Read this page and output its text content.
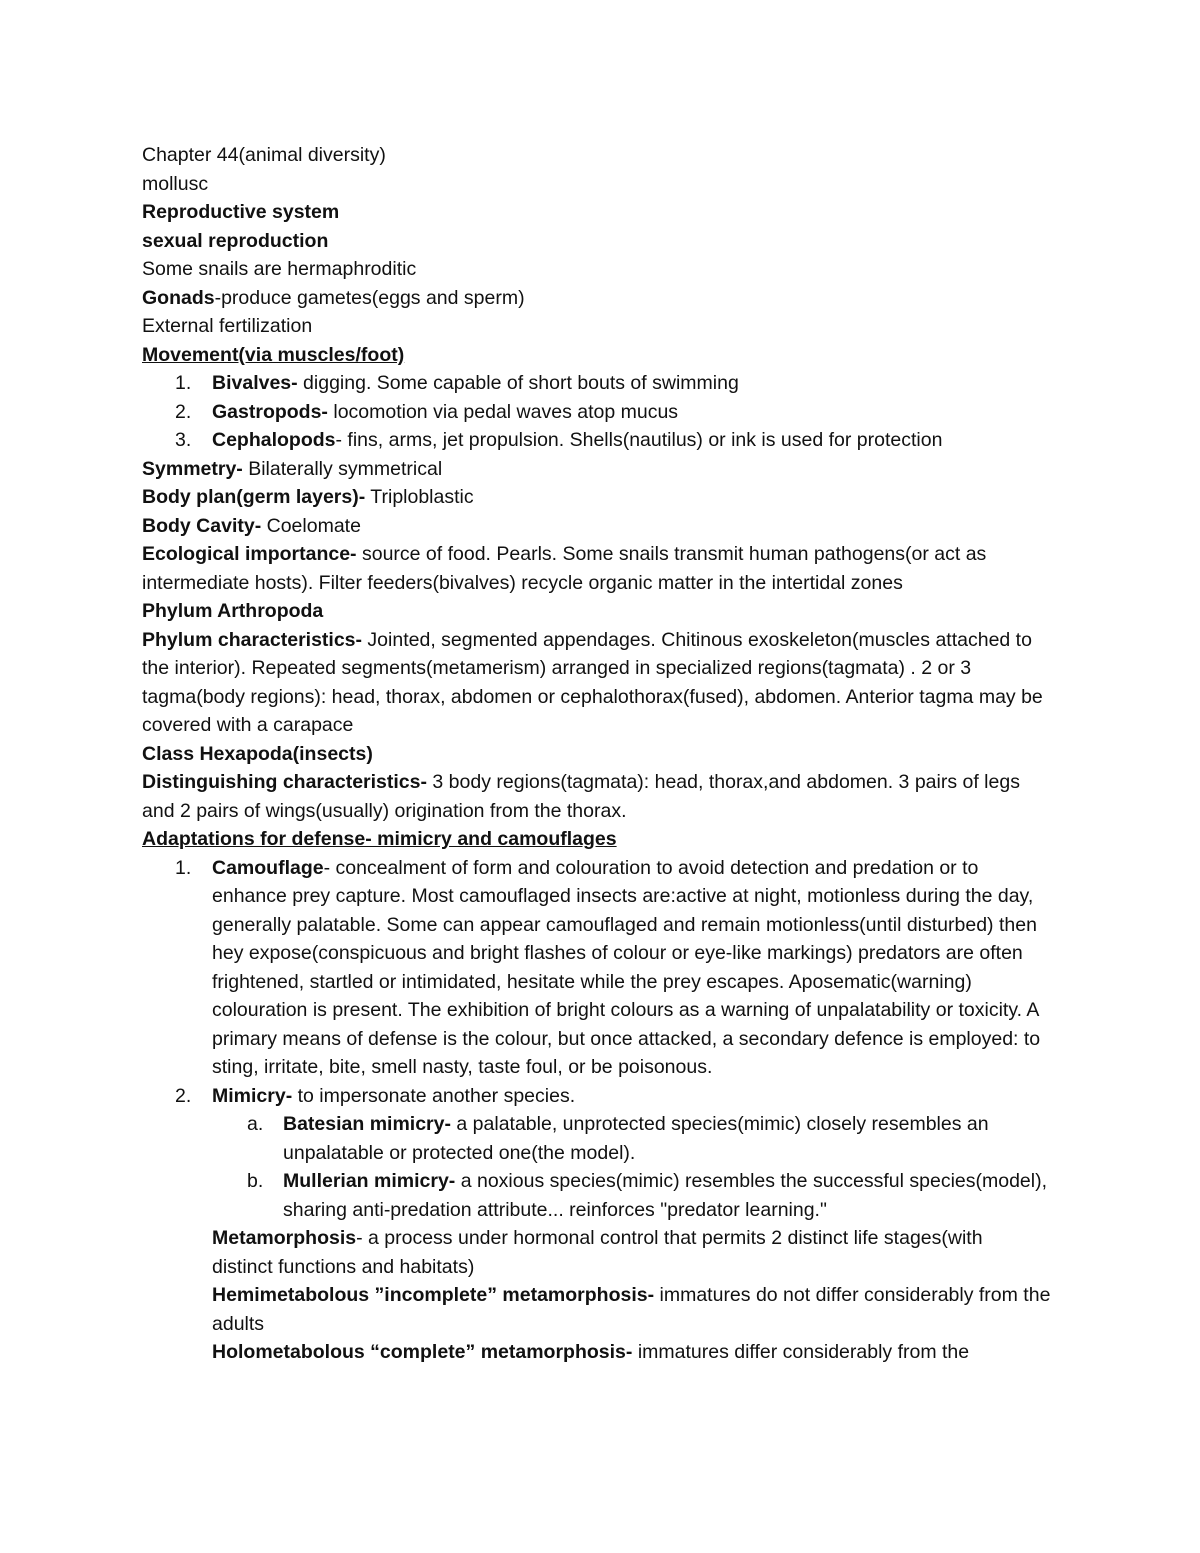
Chapter 44(animal diversity)
mollusc
Reproductive system
sexual reproduction
Some snails are hermaphroditic
Gonads-produce gametes(eggs and sperm)
External fertilization
Movement(via muscles/foot)
1.	Bivalves- digging. Some capable of short bouts of swimming
2.	Gastropods- locomotion via pedal waves atop mucus
3.	Cephalopods- fins, arms, jet propulsion. Shells(nautilus) or ink is used for protection
Symmetry- Bilaterally symmetrical
Body plan(germ layers)- Triploblastic
Body Cavity- Coelomate
Ecological importance- source of food. Pearls. Some snails transmit human pathogens(or act as intermediate hosts). Filter feeders(bivalves) recycle organic matter in the intertidal zones
Phylum Arthropoda
Phylum characteristics- Jointed, segmented appendages. Chitinous exoskeleton(muscles attached to the interior). Repeated segments(metamerism) arranged in specialized regions(tagmata) . 2 or 3 tagma(body regions): head, thorax, abdomen or cephalothorax(fused), abdomen. Anterior tagma may be covered with a carapace
Class Hexapoda(insects)
Distinguishing characteristics- 3 body regions(tagmata): head, thorax,and abdomen. 3 pairs of legs and 2 pairs of wings(usually) origination from the thorax.
Adaptations for defense- mimicry and camouflages
1.	Camouflage- concealment of form and colouration to avoid detection and predation or to enhance prey capture. Most camouflaged insects are:active at night, motionless during the day, generally palatable. Some can appear camouflaged and remain motionless(until disturbed) then hey expose(conspicuous and bright flashes of colour or eye-like markings) predators are often frightened, startled or intimidated, hesitate while the prey escapes. Aposematic(warning) colouration is present. The exhibition of bright colours as a warning of unpalatability or toxicity. A primary means of defense is the colour, but once attacked, a secondary defence is employed: to sting, irritate, bite, smell nasty, taste foul, or be poisonous.
2.	Mimicry- to impersonate another species.
a.	Batesian mimicry- a palatable, unprotected species(mimic) closely resembles an unpalatable or protected one(the model).
b.	Mullerian mimicry- a noxious species(mimic) resembles the successful species(model), sharing anti-predation attribute... reinforces "predator learning."
Metamorphosis- a process under hormonal control that permits 2 distinct life stages(with distinct functions and habitats)
Hemimetabolous ”incomplete” metamorphosis- immatures do not differ considerably from the adults
Holometabolous “complete” metamorphosis- immatures differ considerably from the
